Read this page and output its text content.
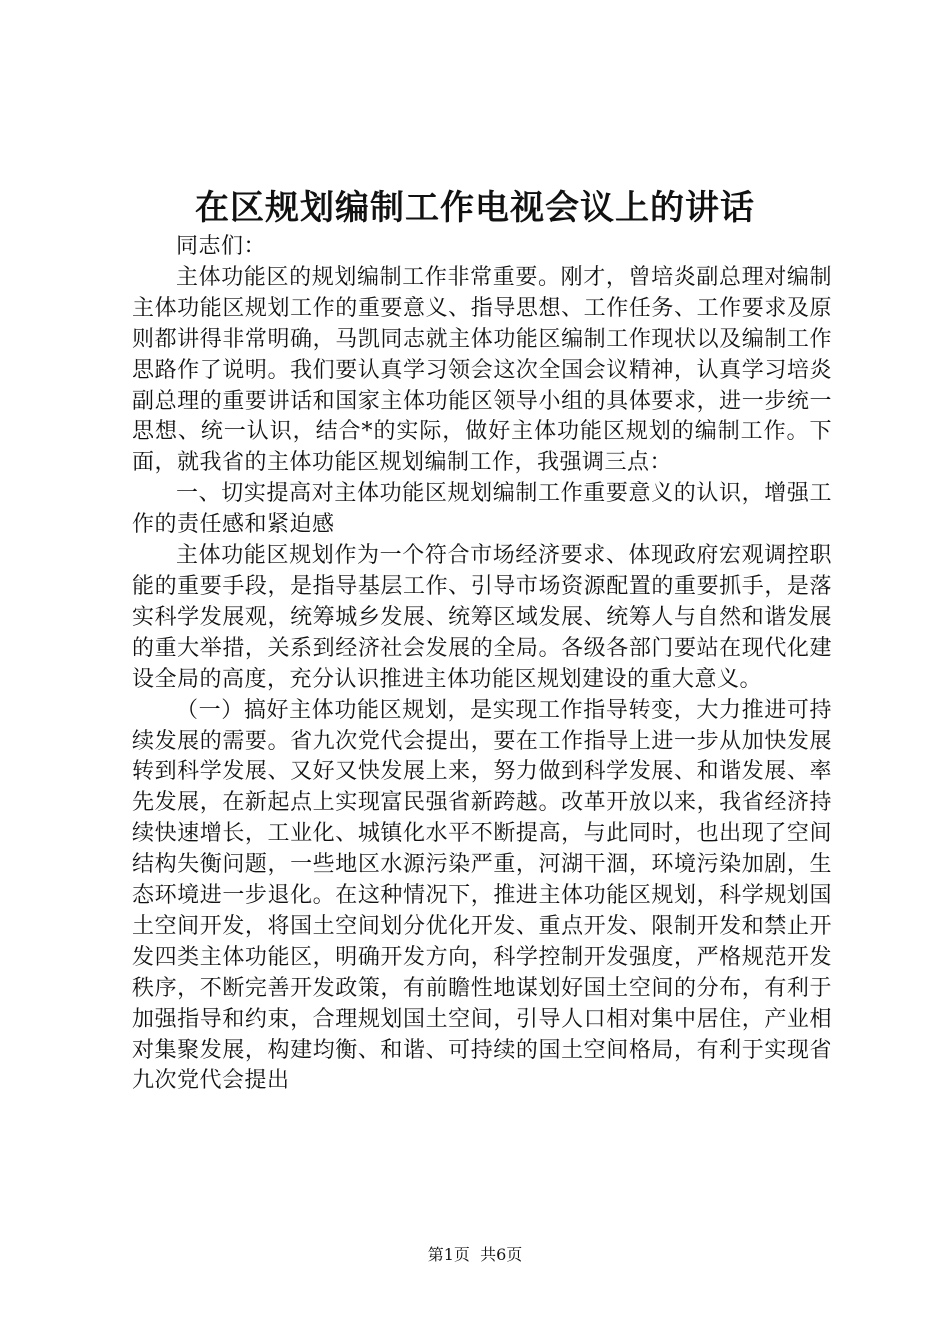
在区规划编制工作电视会议上的讲话

同志们：

主体功能区的规划编制工作非常重要。刚才，曾培炎副总理对编制主体功能区规划工作的重要意义、指导思想、工作任务、工作要求及原则都讲得非常明确，马凯同志就主体功能区编制工作现状以及编制工作思路作了说明。我们要认真学习领会这次全国会议精神，认真学习培炎副总理的重要讲话和国家主体功能区领导小组的具体要求，进一步统一思想、统一认识，结合*的实际，做好主体功能区规划的编制工作。下面，就我省的主体功能区规划编制工作，我强调三点：

一、切实提高对主体功能区规划编制工作重要意义的认识，增强工作的责任感和紧迫感

主体功能区规划作为一个符合市场经济要求、体现政府宏观调控职能的重要手段，是指导基层工作、引导市场资源配置的重要抓手，是落实科学发展观，统筹城乡发展、统筹区域发展、统筹人与自然和谐发展的重大举措，关系到经济社会发展的全局。各级各部门要站在现代化建设全局的高度，充分认识推进主体功能区规划建设的重大意义。

（一）搞好主体功能区规划，是实现工作指导转变，大力推进可持续发展的需要。省九次党代会提出，要在工作指导上进一步从加快发展转到科学发展、又好又快发展上来，努力做到科学发展、和谐发展、率先发展，在新起点上实现富民强省新跨越。改革开放以来，我省经济持续快速增长，工业化、城镇化水平不断提高，与此同时，也出现了空间结构失衡问题，一些地区水源污染严重，河湖干涸，环境污染加剧，生态环境进一步退化。在这种情况下，推进主体功能区规划，科学规划国土空间开发，将国土空间划分优化开发、重点开发、限制开发和禁止开发四类主体功能区，明确开发方向，科学控制开发强度，严格规范开发秩序，不断完善开发政策，有前瞻性地谋划好国土空间的分布，有利于加强指导和约束，合理规划国土空间，引导人口相对集中居住，产业相对集聚发展，构建均衡、和谐、可持续的国土空间格局，有利于实现省九次党代会提出

第1页 共6页
